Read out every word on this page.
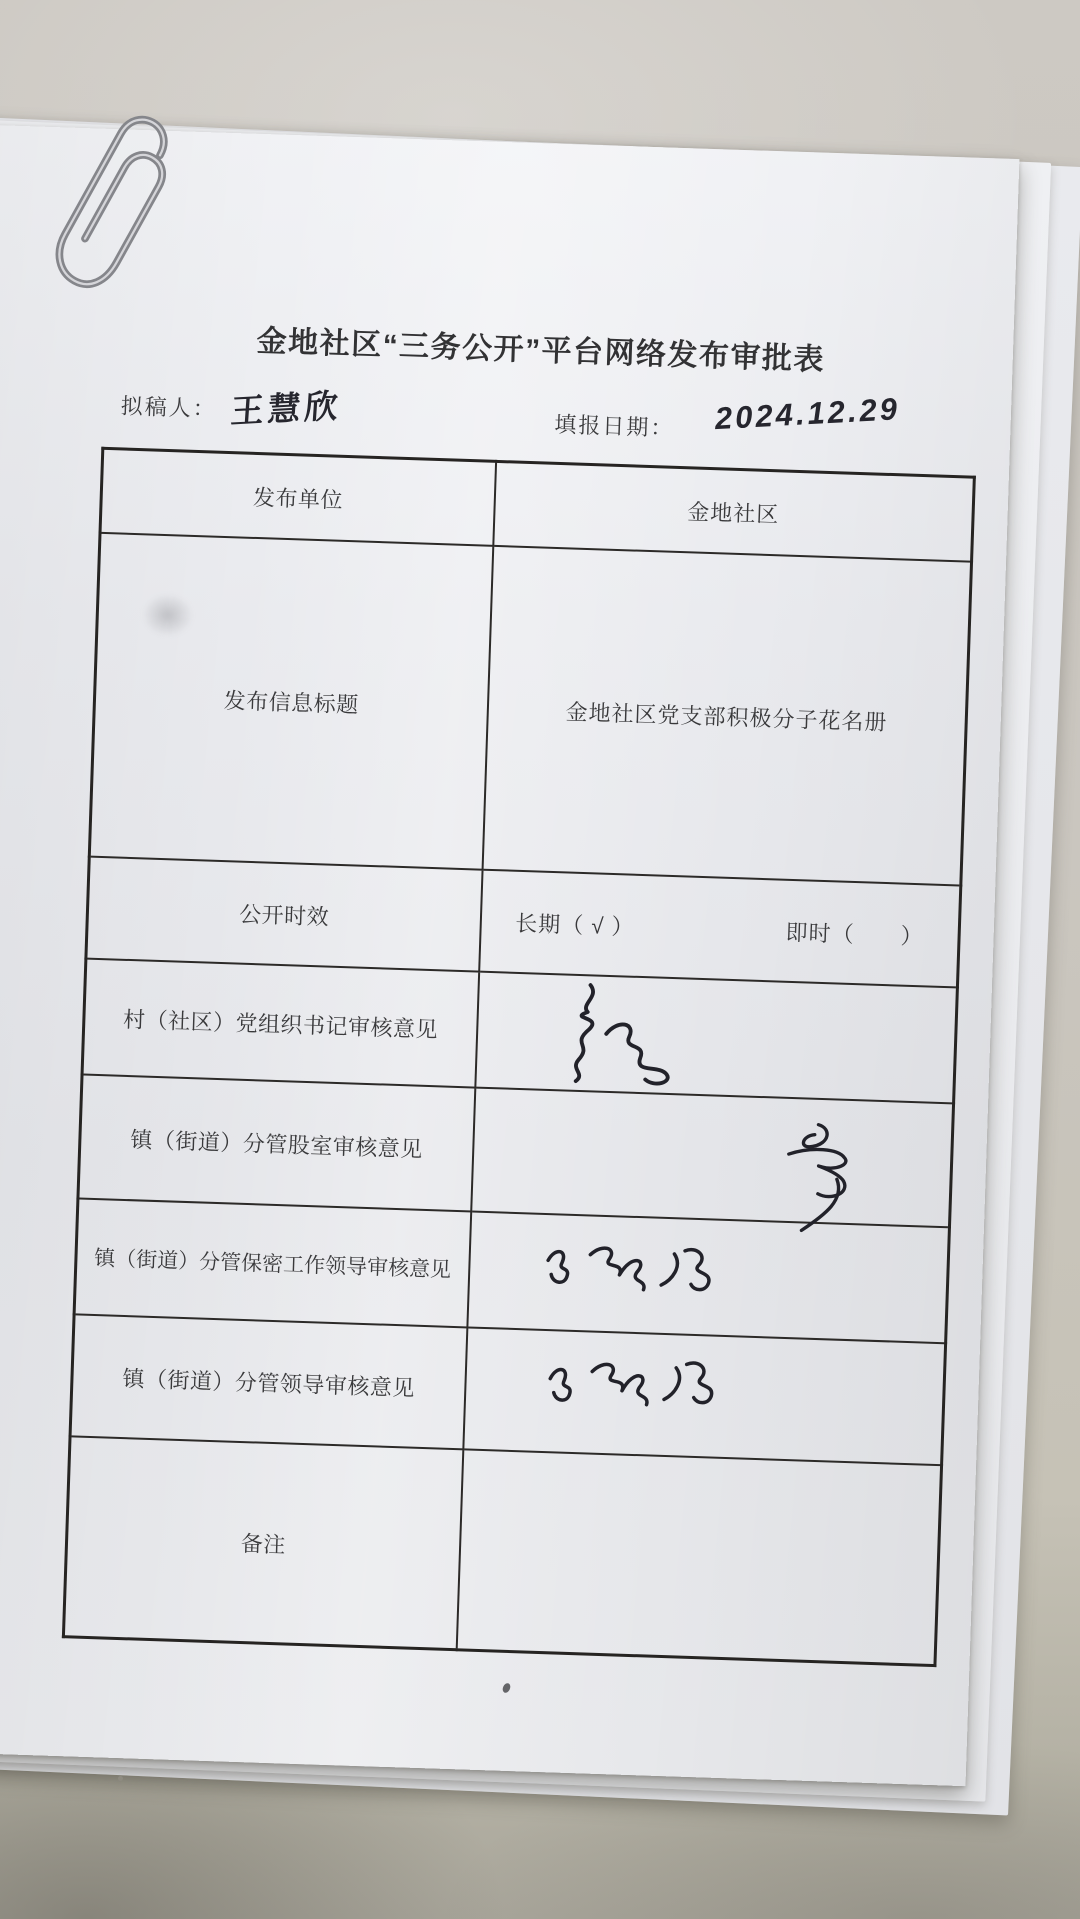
金地社区“三务公开”平台网络发布审批表
拟稿人： 王慧欣	填报日期： 2024.12.29
发布单位	金地社区
发布信息标题	金地社区党支部积极分子花名册
公开时效	长期（ √ ） 即时（　　）

村（社区）党组织书记审核意见	

镇（街道）分管股室审核意见	

镇（街道）分管保密工作领导审核意见	

镇（街道）分管领导审核意见	

备注	
